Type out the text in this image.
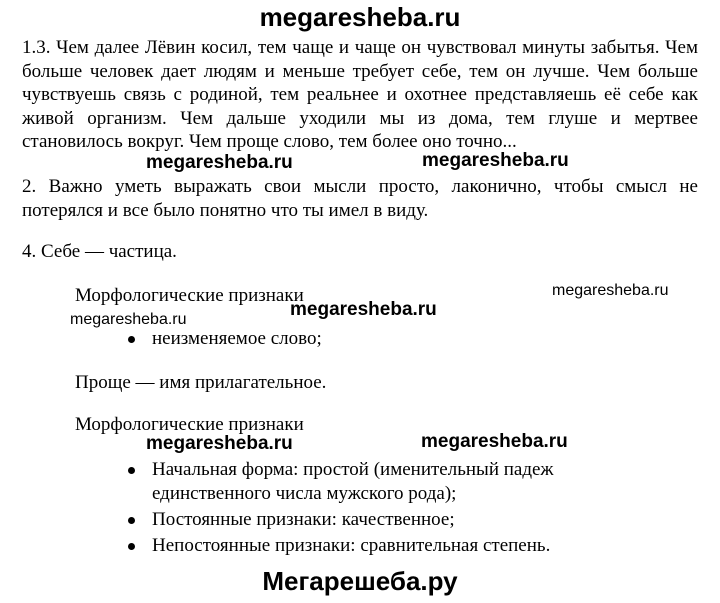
megaresheba.ru

1.3. Чем далее Лёвин косил, тем чаще и чаще он чувствовал минуты забытья. Чем больше человек дает людям и меньше требует себе, тем он лучше. Чем больше чувствуешь связь с родиной, тем реальнее и охотнее представляешь её себе как живой организм. Чем дальше уходили мы из дома, тем глуше и мертвее становилось вокруг. Чем проще слово, тем более оно точно...

megaresheba.ru	megaresheba.ru

2. Важно уметь выражать свои мысли просто, лаконично, чтобы смысл не потерялся и все было понятно что ты имел в виду.

4. Себе — частица.

Морфологические признаки	megaresheba.ru
megaresheba.ru	megaresheba.ru
неизменяемое слово;

Проще — имя прилагательное.

Морфологические признаки

megaresheba.ru	megaresheba.ru
Начальная форма: простой (именительный падеж единственного числа мужского рода);
Постоянные признаки: качественное;
Непостоянные признаки: сравнительная степень.
Мегарешеба.ру
